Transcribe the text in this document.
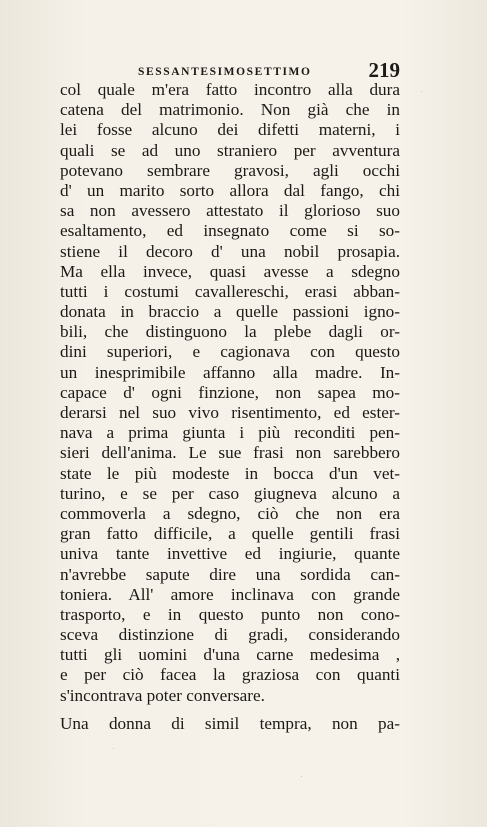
SESSANTESIMOSETTIMO	219
col quale m'era fatto incontro alla dura
catena del matrimonio. Non già che in
lei fosse alcuno dei difetti materni, i
quali se ad uno straniero per avventura
potevano sembrare gravosi, agli occhi
d' un marito sorto allora dal fango, chi
sa non avessero attestato il glorioso suo
esaltamento, ed insegnato come si so-
stiene il decoro d' una nobil prosapia.
Ma ella invece, quasi avesse a sdegno
tutti i costumi cavallereschi, erasi abban-
donata in braccio a quelle passioni igno-
bili, che distinguono la plebe dagli or-
dini superiori, e cagionava con questo
un inesprimibile affanno alla madre. In-
capace d' ogni finzione, non sapea mo-
derarsi nel suo vivo risentimento, ed ester-
nava a prima giunta i più reconditi pen-
sieri dell'anima. Le sue frasi non sarebbero
state le più modeste in bocca d'un vet-
turino, e se per caso giugneva alcuno a
commoverla a sdegno, ciò che non era
gran fatto difficile, a quelle gentili frasi
univa tante invettive ed ingiurie, quante
n'avrebbe sapute dire una sordida can-
toniera. All' amore inclinava con grande
trasporto, e in questo punto non cono-
sceva distinzione di gradi, considerando
tutti gli uomini d'una carne medesima ,
e per ciò facea la graziosa con quanti
s'incontrava poter conversare.
Una donna di simil tempra, non pa-
